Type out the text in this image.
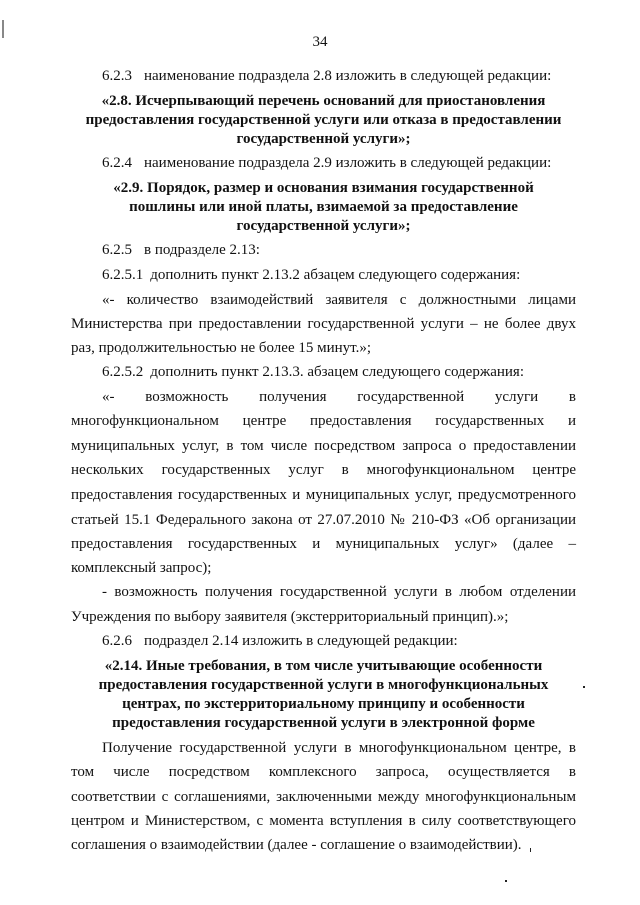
34
6.2.3 наименование подраздела 2.8 изложить в следующей редакции:
«2.8. Исчерпывающий перечень оснований для приостановления
предоставления государственной услуги или отказа в предоставлении
государственной услуги»;
6.2.4 наименование подраздела 2.9 изложить в следующей редакции:
«2.9. Порядок, размер и основания взимания государственной
пошлины или иной платы, взимаемой за предоставление
государственной услуги»;
6.2.5 в подразделе 2.13:
6.2.5.1 дополнить пункт 2.13.2 абзацем следующего содержания:
«- количество взаимодействий заявителя с должностными лицами
Министерства при предоставлении государственной услуги – не более двух
раз, продолжительностью не более 15 минут.»;
6.2.5.2 дополнить пункт 2.13.3. абзацем следующего содержания:
«- возможность получения государственной услуги в
многофункциональном центре предоставления государственных и
муниципальных услуг, в том числе посредством запроса о предоставлении
нескольких государственных услуг в многофункциональном центре
предоставления государственных и муниципальных услуг, предусмотренного
статьей 15.1 Федерального закона от 27.07.2010 № 210-ФЗ «Об организации
предоставления государственных и муниципальных услуг» (далее –
комплексный запрос);
- возможность получения государственной услуги в любом отделении
Учреждения по выбору заявителя (экстерриториальный принцип).»;
6.2.6 подраздел 2.14 изложить в следующей редакции:
«2.14. Иные требования, в том числе учитывающие особенности
предоставления государственной услуги в многофункциональных
центрах, по экстерриториальному принципу и особенности
предоставления государственной услуги в электронной форме
Получение государственной услуги в многофункциональном центре, в
том числе посредством комплексного запроса, осуществляется в
соответствии с соглашениями, заключенными между многофункциональным
центром и Министерством, с момента вступления в силу соответствующего
соглашения о взаимодействии (далее - соглашение о взаимодействии).
